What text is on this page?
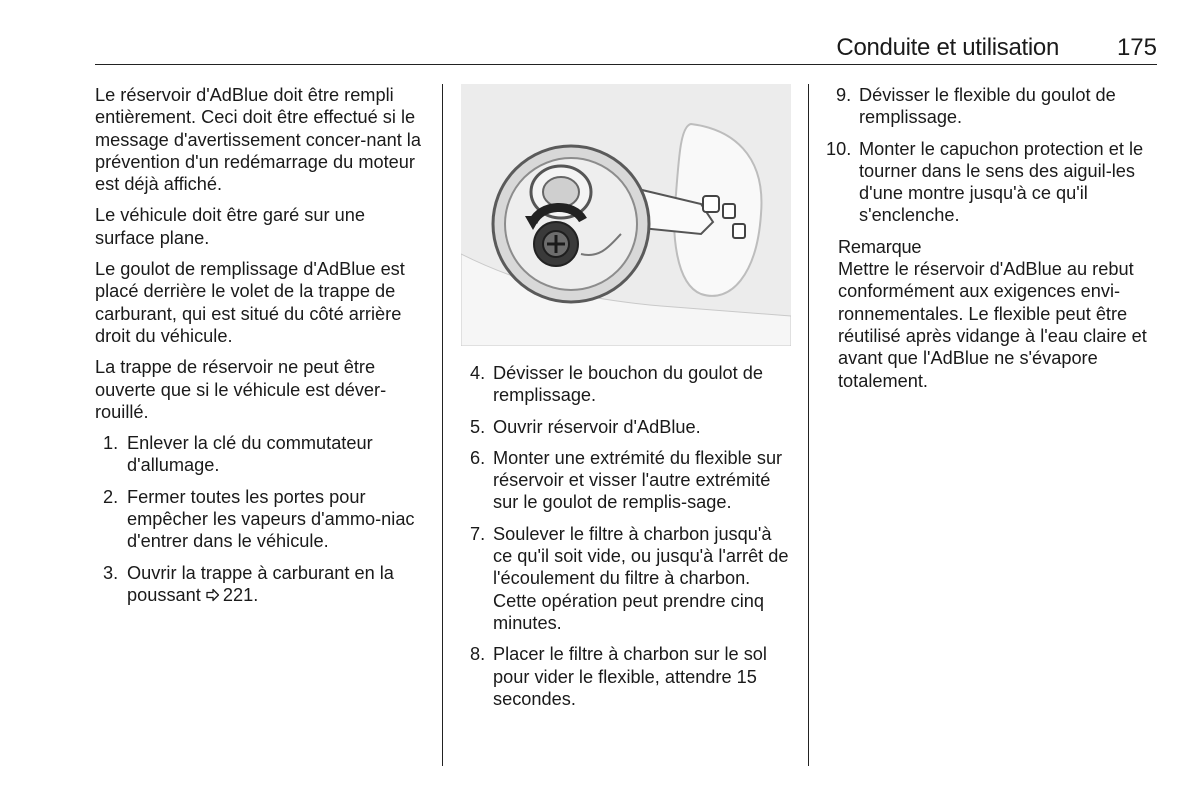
Conduite et utilisation 175

Le réservoir d'AdBlue doit être rempli entièrement. Ceci doit être effectué si le message d'avertissement concer-nant la prévention d'un redémarrage du moteur est déjà affiché.

Le véhicule doit être garé sur une surface plane.

Le goulot de remplissage d'AdBlue est placé derrière le volet de la trappe de carburant, qui est situé du côté arrière droit du véhicule.

La trappe de réservoir ne peut être ouverte que si le véhicule est déver-rouillé.

1. Enlever la clé du commutateur d'allumage.
2. Fermer toutes les portes pour empêcher les vapeurs d'ammo-niac d'entrer dans le véhicule.
3. Ouvrir la trappe à carburant en la poussant 221.
4. Dévisser le bouchon du goulot de remplissage.
5. Ouvrir réservoir d'AdBlue.
6. Monter une extrémité du flexible sur réservoir et visser l'autre extrémité sur le goulot de remplis-sage.
7. Soulever le filtre à charbon jusqu'à ce qu'il soit vide, ou jusqu'à l'arrêt de l'écoulement du filtre à charbon. Cette opération peut prendre cinq minutes.
8. Placer le filtre à charbon sur le sol pour vider le flexible, attendre 15 secondes.
9. Dévisser le flexible du goulot de remplissage.
10. Monter le capuchon protection et le tourner dans le sens des aiguil-les d'une montre jusqu'à ce qu'il s'enclenche.
Remarque
Mettre le réservoir d'AdBlue au rebut conformément aux exigences envi-ronnementales. Le flexible peut être réutilisé après vidange à l'eau claire et avant que l'AdBlue ne s'évapore totalement.
